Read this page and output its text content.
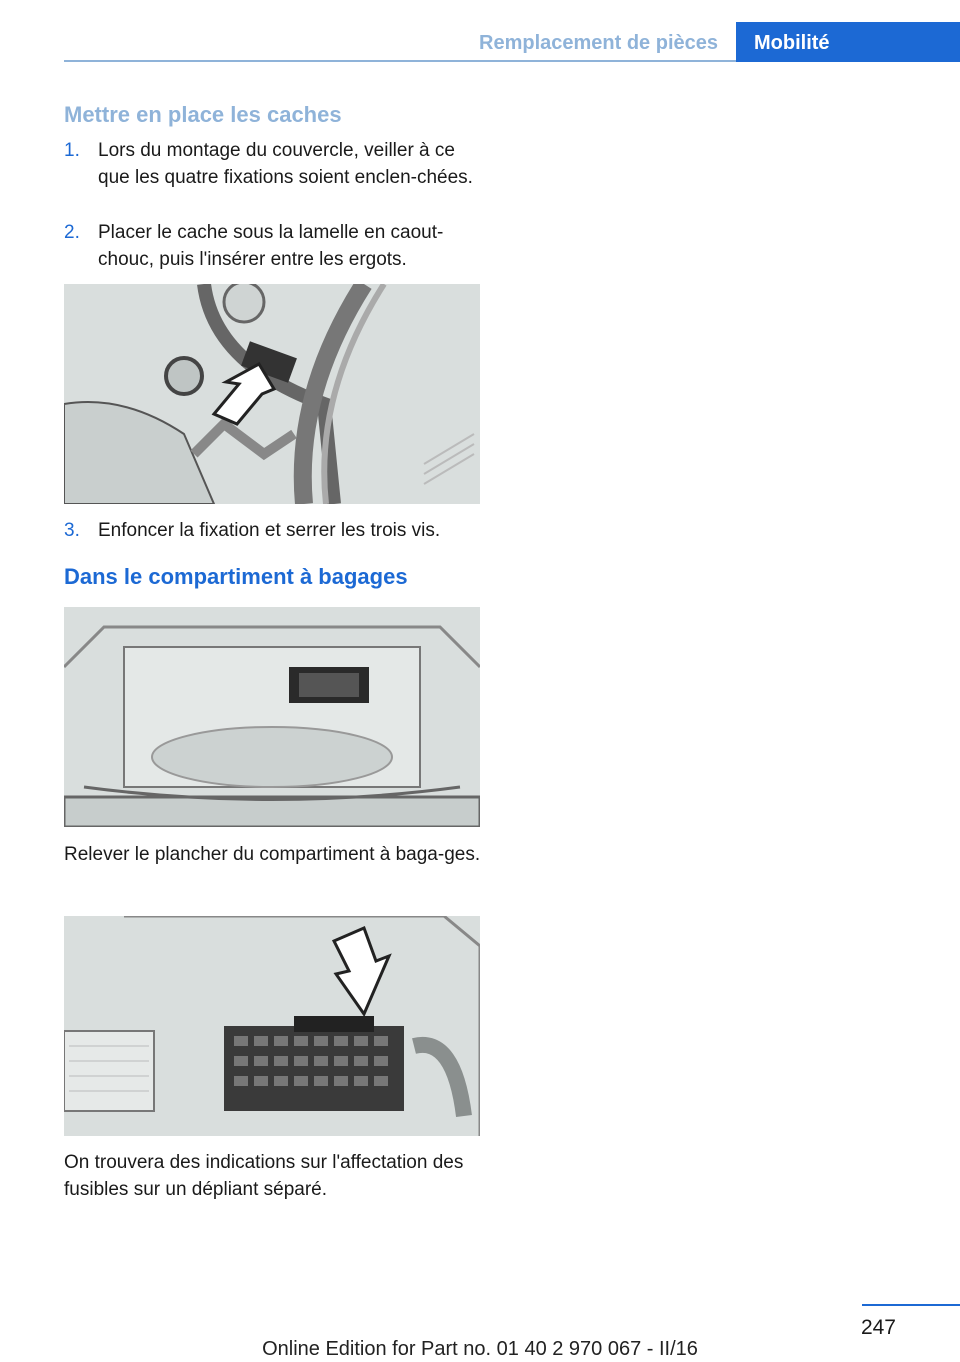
Remplacement de pièces	Mobilité
Mettre en place les caches
1. Lors du montage du couvercle, veiller à ce que les quatre fixations soient enclen-chées.
2. Placer le cache sous la lamelle en caout-chouc, puis l'insérer entre les ergots.
3. Enfoncer la fixation et serrer les trois vis.
Dans le compartiment à bagages
Relever le plancher du compartiment à baga-ges.
On trouvera des indications sur l'affectation des fusibles sur un dépliant séparé.
247
Online Edition for Part no. 01 40 2 970 067 - II/16
